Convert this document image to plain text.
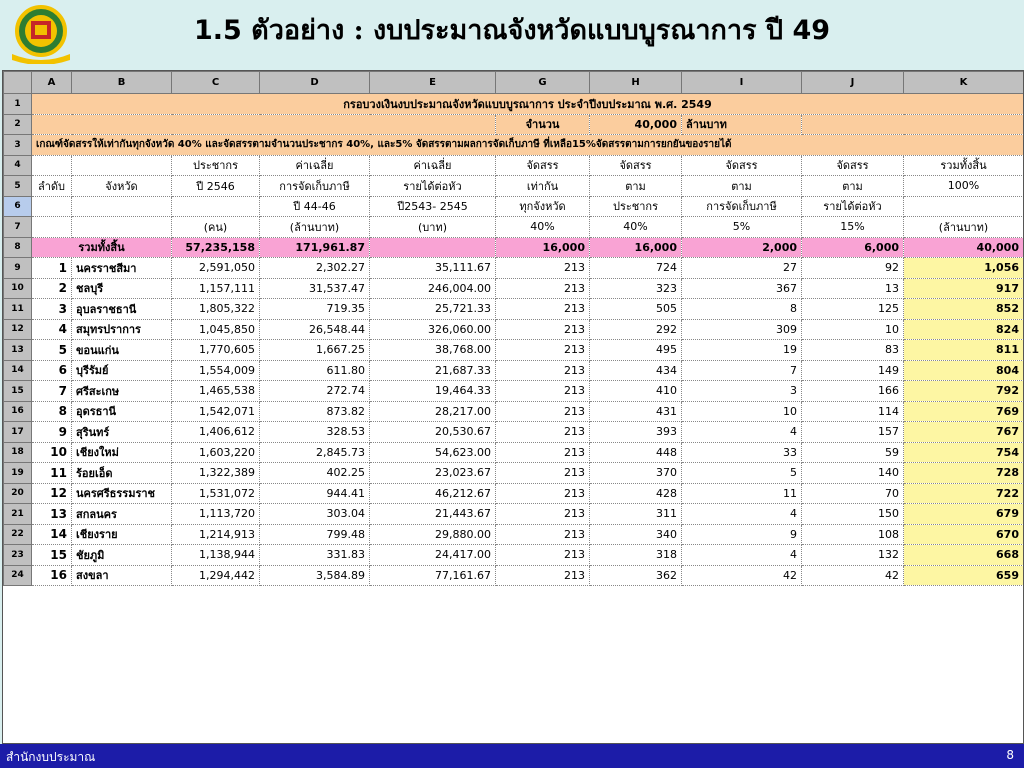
1.5 ตัวอย่าง : งบประมาณจังหวัดแบบบูรณาการ ปี 49
	A	B	C	D	E	G	H	I	J	K
1	กรอบวงเงินงบประมาณจังหวัดแบบบูรณาการ ประจำปีงบประมาณ พ.ศ. 2549									
2						จำนวน	40,000	ล้านบาท		
3	เกณฑ์จัดสรรให้เท่ากันทุกจังหวัด 40% และจัดสรรตามจำนวนประชากร 40%, และ5% จัดสรรตามผลการจัดเก็บภาษี ที่เหลือ15%จัดสรรตามการยกยันของรายได้									
4			ประชากร	ค่าเฉลี่ย	ค่าเฉลี่ย	จัดสรร	จัดสรร	จัดสรร	จัดสรร	รวมทั้งสิ้น
5	ลำดับ	จังหวัด	ปี 2546	การจัดเก็บภาษี	รายได้ต่อหัว	เท่ากัน	ตาม	ตาม	ตาม	100%
6				ปี 44-46	ปี2543- 2545	ทุกจังหวัด	ประชากร	การจัดเก็บภาษี	รายได้ต่อหัว	
7			(คน)	(ล้านบาท)	(บาท)	40%	40%	5%	15%	(ล้านบาท)
8	รวมทั้งสิ้น		57,235,158	171,961.87		16,000	16,000	2,000	6,000	40,000
9	1	นครราชสีมา	2,591,050	2,302.27	35,111.67	213	724	27	92	1,056
10	2	ชลบุรี	1,157,111	31,537.47	246,004.00	213	323	367	13	917
11	3	อุบลราชธานี	1,805,322	719.35	25,721.33	213	505	8	125	852
12	4	สมุทรปราการ	1,045,850	26,548.44	326,060.00	213	292	309	10	824
13	5	ขอนแก่น	1,770,605	1,667.25	38,768.00	213	495	19	83	811
14	6	บุรีรัมย์	1,554,009	611.80	21,687.33	213	434	7	149	804
15	7	ศรีสะเกษ	1,465,538	272.74	19,464.33	213	410	3	166	792
16	8	อุดรธานี	1,542,071	873.82	28,217.00	213	431	10	114	769
17	9	สุรินทร์	1,406,612	328.53	20,530.67	213	393	4	157	767
18	10	เชียงใหม่	1,603,220	2,845.73	54,623.00	213	448	33	59	754
19	11	ร้อยเอ็ด	1,322,389	402.25	23,023.67	213	370	5	140	728
20	12	นครศรีธรรมราช	1,531,072	944.41	46,212.67	213	428	11	70	722
21	13	สกลนคร	1,113,720	303.04	21,443.67	213	311	4	150	679
22	14	เชียงราย	1,214,913	799.48	29,880.00	213	340	9	108	670
23	15	ชัยภูมิ	1,138,944	331.83	24,417.00	213	318	4	132	668
24	16	สงขลา	1,294,442	3,584.89	77,161.67	213	362	42	42	659
สำนักงบประมาณ	8
